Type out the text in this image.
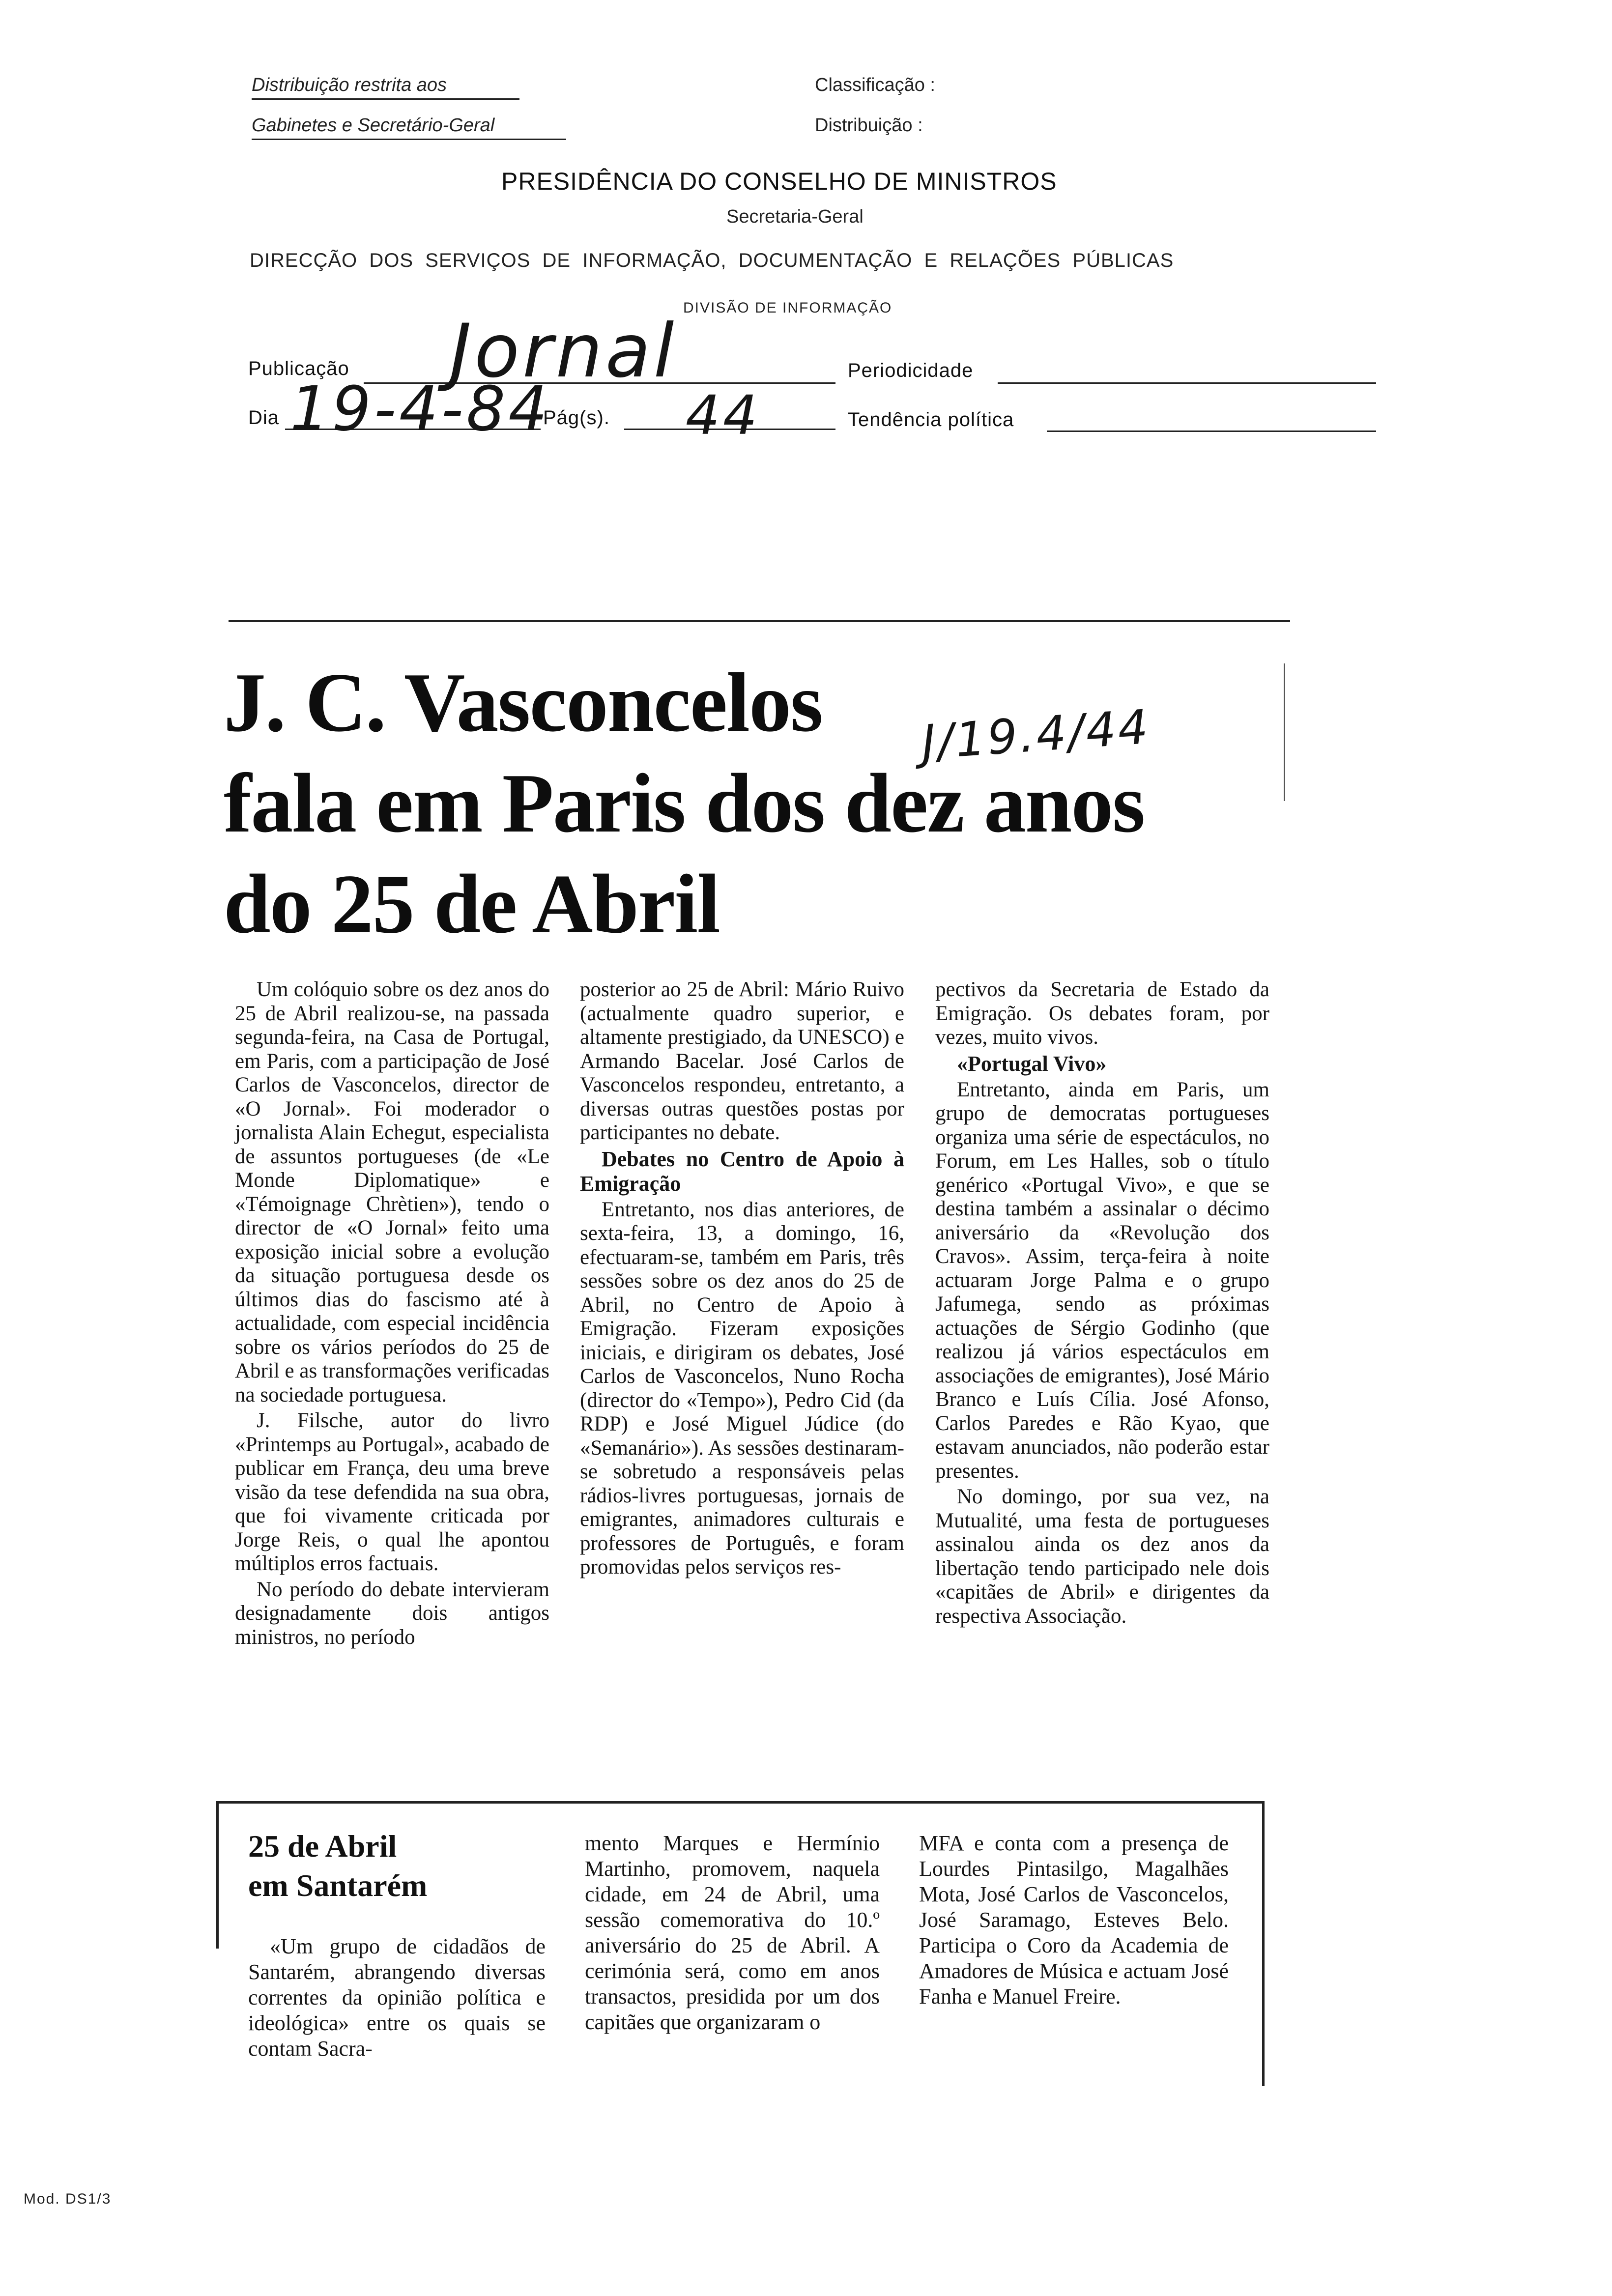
Distribuição restrita aos
Gabinetes e Secretário-Geral
Classificação :
Distribuição :
PRESIDÊNCIA DO CONSELHO DE MINISTROS
Secretaria-Geral
DIRECÇÃO  DOS  SERVIÇOS  DE  INFORMAÇÃO,  DOCUMENTAÇÃO  E  RELAÇÕES  PÚBLICAS
DIVISÃO DE INFORMAÇÃO
Publicação Jornal	Periodicidade
Dia 19-4-84
Pág(s). 44	Tendência política
J. C. Vasconcelos
fala em Paris dos dez anos
do 25 de Abril
J/19.4/44

Um colóquio sobre os dez anos do 25 de Abril realizou-se, na passada segunda-feira, na Casa de Portugal, em Paris, com a participação de José Carlos de Vasconcelos, director de «O Jornal». Foi moderador o jornalista Alain Echegut, especialista de assuntos portugueses (de «Le Monde Diplomatique» e «Témoignage Chrètien»), tendo o director de «O Jornal» feito uma exposição inicial sobre a evolução da situação portuguesa desde os últimos dias do fascismo até à actualidade, com especial incidência sobre os vários períodos do 25 de Abril e as transformações verificadas na sociedade portuguesa.

J. Filsche, autor do livro «Printemps au Portugal», acabado de publicar em França, deu uma breve visão da tese defendida na sua obra, que foi vivamente criticada por Jorge Reis, o qual lhe apontou múltiplos erros factuais.

No período do debate intervieram designadamente dois antigos ministros, no período

posterior ao 25 de Abril: Mário Ruivo (actualmente quadro superior, e altamente prestigiado, da UNESCO) e Armando Bacelar. José Carlos de Vasconcelos respondeu, entretanto, a diversas outras questões postas por participantes no debate.

Debates no Centro de Apoio à Emigração

Entretanto, nos dias anteriores, de sexta-feira, 13, a domingo, 16, efectuaram-se, também em Paris, três sessões sobre os dez anos do 25 de Abril, no Centro de Apoio à Emigração. Fizeram exposições iniciais, e dirigiram os debates, José Carlos de Vasconcelos, Nuno Rocha (director do «Tempo»), Pedro Cid (da RDP) e José Miguel Júdice (do «Semanário»). As sessões destinaram-se sobretudo a responsáveis pelas rádios-livres portuguesas, jornais de emigrantes, animadores culturais e professores de Português, e foram promovidas pelos serviços res-

pectivos da Secretaria de Estado da Emigração. Os debates foram, por vezes, muito vivos.

«Portugal Vivo»

Entretanto, ainda em Paris, um grupo de democratas portugueses organiza uma série de espectáculos, no Forum, em Les Halles, sob o título genérico «Portugal Vivo», e que se destina também a assinalar o décimo aniversário da «Revolução dos Cravos». Assim, terça-feira à noite actuaram Jorge Palma e o grupo Jafumega, sendo as próximas actuações de Sérgio Godinho (que realizou já vários espectáculos em associações de emigrantes), José Mário Branco e Luís Cília. José Afonso, Carlos Paredes e Rão Kyao, que estavam anunciados, não poderão estar presentes.

No domingo, por sua vez, na Mutualité, uma festa de portugueses assinalou ainda os dez anos da libertação tendo participado nele dois «capitães de Abril» e dirigentes da respectiva Associação.

25 de Abril
em Santarém

«Um grupo de cidadãos de Santarém, abrangendo diversas correntes da opinião política e ideológica» entre os quais se contam Sacra-

mento Marques e Hermínio Martinho, promovem, naquela cidade, em 24 de Abril, uma sessão comemorativa do 10.º aniversário do 25 de Abril. A cerimónia será, como em anos transactos, presidida por um dos capitães que organizaram o

MFA e conta com a presença de Lourdes Pintasilgo, Magalhães Mota, José Carlos de Vasconcelos, José Saramago, Esteves Belo. Participa o Coro da Academia de Amadores de Música e actuam José Fanha e Manuel Freire.

Mod. DS1/3
